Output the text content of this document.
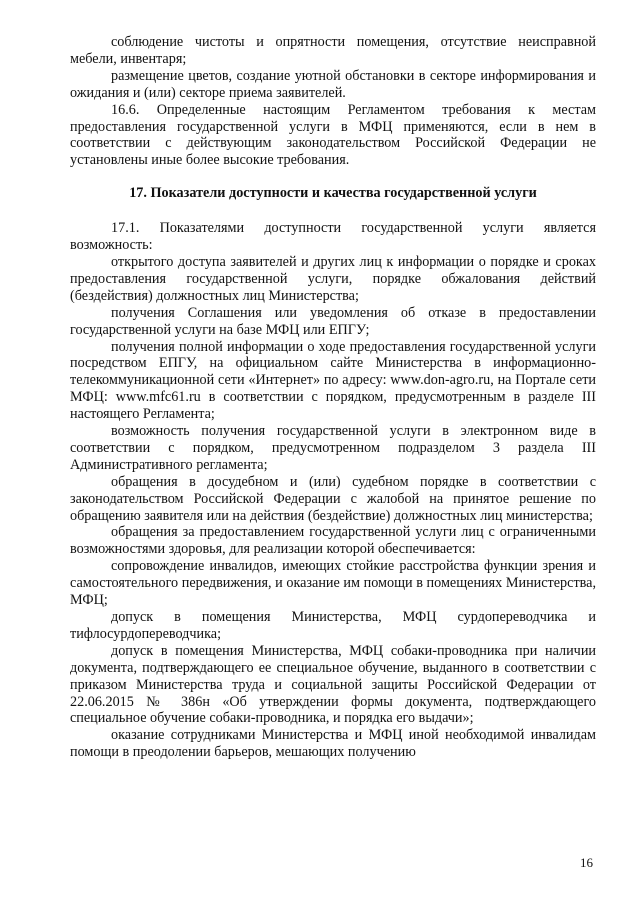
соблюдение чистоты и опрятности помещения, отсутствие неисправной мебели, инвентаря;

размещение цветов, создание уютной обстановки в секторе информирования и ожидания и (или) секторе приема заявителей.

16.6. Определенные настоящим Регламентом требования к местам предоставления государственной услуги в МФЦ применяются, если в нем в соответствии с действующим законодательством Российской Федерации не установлены иные более высокие требования.

17. Показатели доступности и качества государственной услуги

17.1. Показателями доступности государственной услуги является возможность:

открытого доступа заявителей и других лиц к информации о порядке и сроках предоставления государственной услуги, порядке обжалования действий (бездействия) должностных лиц Министерства;

получения Соглашения или уведомления об отказе в предоставлении государственной услуги на базе МФЦ или ЕПГУ;

получения полной информации о ходе предоставления государственной услуги посредством ЕПГУ, на официальном сайте Министерства в информационно-телекоммуникационной сети «Интернет» по адресу: www.don-agro.ru, на Портале сети МФЦ: www.mfc61.ru в соответствии с порядком, предусмотренным в разделе III настоящего Регламента;

возможность получения государственной услуги в электронном виде в соответствии с порядком, предусмотренном подразделом 3 раздела III Административного регламента;

обращения в досудебном и (или) судебном порядке в соответствии с законодательством Российской Федерации с жалобой на принятое решение по обращению заявителя или на действия (бездействие) должностных лиц министерства;

обращения за предоставлением государственной услуги лиц с ограниченными возможностями здоровья, для реализации которой обеспечивается:

сопровождение инвалидов, имеющих стойкие расстройства функции зрения и самостоятельного передвижения, и оказание им помощи в помещениях Министерства, МФЦ;

допуск в помещения Министерства, МФЦ сурдопереводчика и тифлосурдопереводчика;

допуск в помещения Министерства, МФЦ собаки-проводника при наличии документа, подтверждающего ее специальное обучение, выданного в соответствии с приказом Министерства труда и социальной защиты Российской Федерации от 22.06.2015 № 386н «Об утверждении формы документа, подтверждающего специальное обучение собаки-проводника, и порядка его выдачи»;

оказание сотрудниками Министерства и МФЦ иной необходимой инвалидам помощи в преодолении барьеров, мешающих получению

16
